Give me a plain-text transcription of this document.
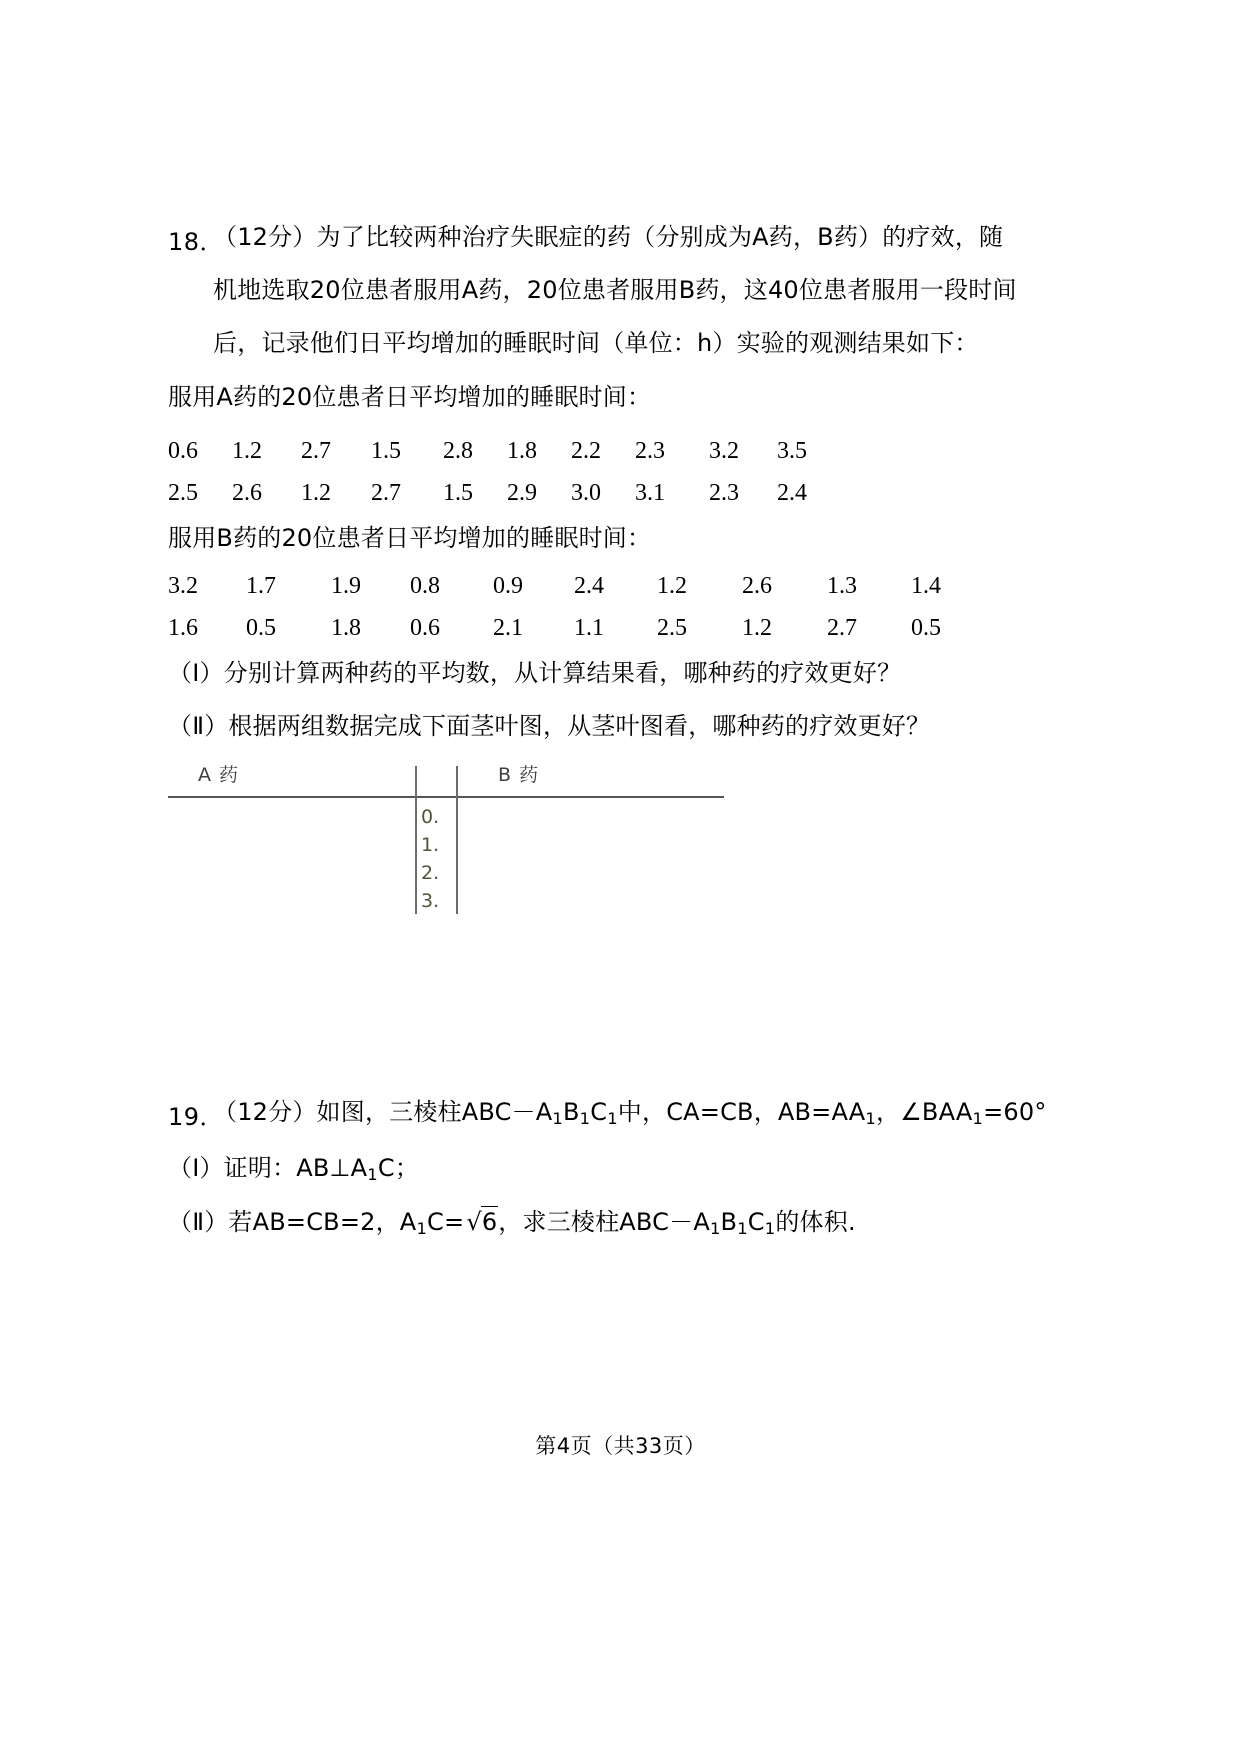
18．
（12分）为了比较两种治疗失眠症的药（分别成为A药，B药）的疗效，随
机地选取20位患者服用A药，20位患者服用B药，这40位患者服用一段时间
后，记录他们日平均增加的睡眠时间（单位：h）实验的观测结果如下：
服用A药的20位患者日平均增加的睡眠时间：
0.6 1.2 2.7 1.5 2.8 1.8 2.2 2.3 3.2 3.5
2.5 2.6 1.2 2.7 1.5 2.9 3.0 3.1 2.3 2.4
服用B药的20位患者日平均增加的睡眠时间：
3.2 1.7 1.9 0.8 0.9 2.4 1.2 2.6 1.3 1.4
1.6 0.5 1.8 0.6 2.1 1.1 2.5 1.2 2.7 0.5
（Ⅰ）分别计算两种药的平均数，从计算结果看，哪种药的疗效更好？
（Ⅱ）根据两组数据完成下面茎叶图，从茎叶图看，哪种药的疗效更好？
A 药	B 药
0.
1.
2.
3.
19．
（12分）如图，三棱柱$ABC-A_1B_1C_1$中，CA=CB，$AB=AA_1$，$\angle BAA_1=60^\circ$
（Ⅰ）证明：$AB\perp A_1C$；
（Ⅱ）若AB=CB=2，$A_1C=√6$，求三棱柱$ABC-A_1B_1C_1$的体积.
第4页（共33页）
